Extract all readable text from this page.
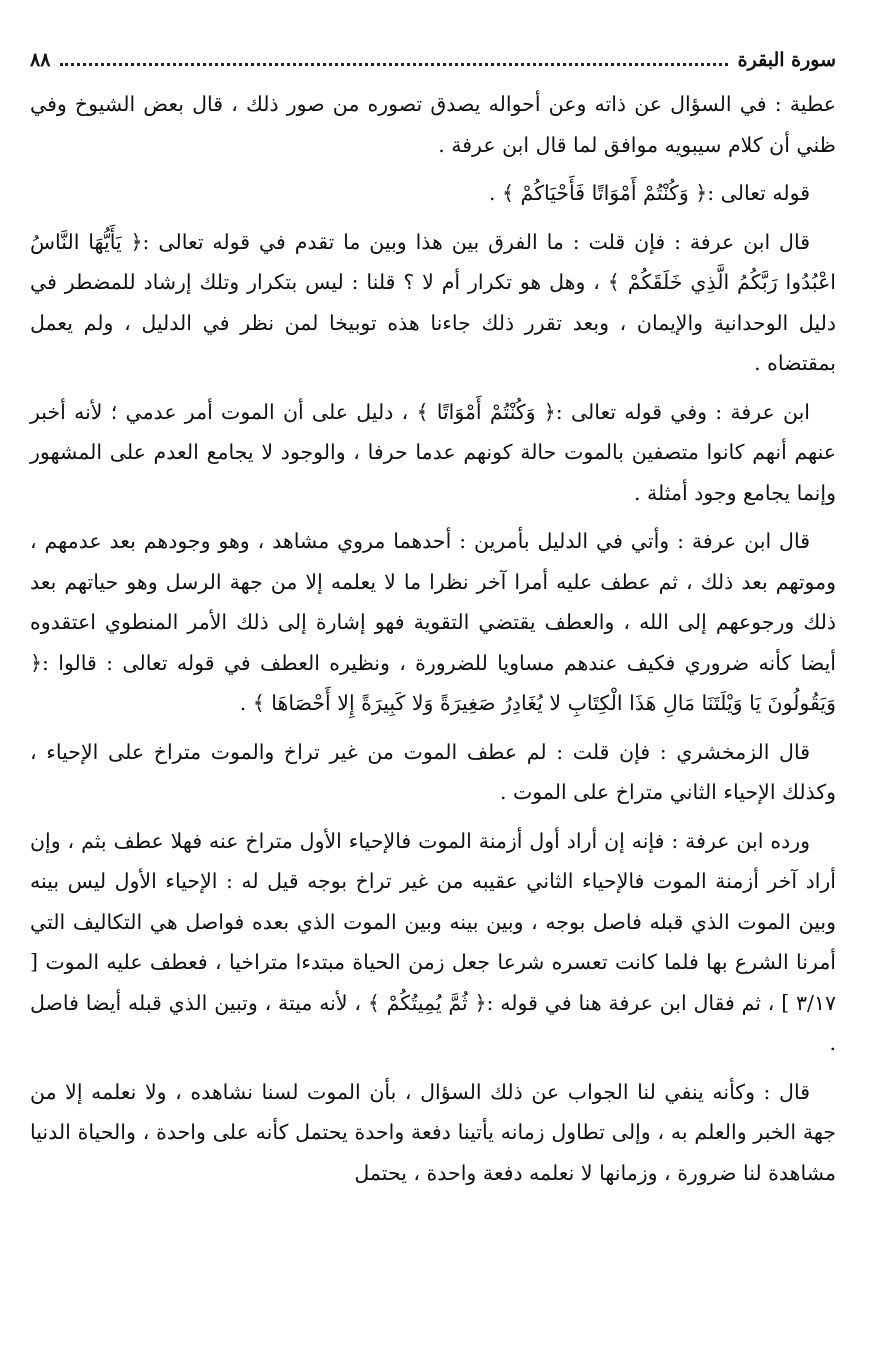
سورة البقرة
٨٨

عطية : في السؤال عن ذاته وعن أحواله يصدق تصوره من صور ذلك ، قال بعض الشيوخ وفي ظني أن كلام سيبويه موافق لما قال ابن عرفة .

قوله تعالى :﴿ وَكُنْتُمْ أَمْوَاتًا فَأَحْيَاكُمْ ﴾ .

قال ابن عرفة : فإن قلت : ما الفرق بين هذا وبين ما تقدم في قوله تعالى :﴿ يَأَيُّهَا النَّاسُ اعْبُدُوا رَبَّكُمُ الَّذِي خَلَقَكُمْ ﴾ ، وهل هو تكرار أم لا ؟ قلنا : ليس بتكرار وتلك إرشاد للمضطر في دليل الوحدانية والإيمان ، وبعد تقرر ذلك جاءنا هذه توبيخا لمن نظر في الدليل ، ولم يعمل بمقتضاه .

ابن عرفة : وفي قوله تعالى :﴿ وَكُنْتُمْ أَمْوَاتًا ﴾ ، دليل على أن الموت أمر عدمي ؛ لأنه أخبر عنهم أنهم كانوا متصفين بالموت حالة كونهم عدما حرفا ، والوجود لا يجامع العدم على المشهور وإنما يجامع وجود أمثلة .

قال ابن عرفة : وأتي في الدليل بأمرين : أحدهما مروي مشاهد ، وهو وجودهم بعد عدمهم ، وموتهم بعد ذلك ، ثم عطف عليه أمرا آخر نظرا ما لا يعلمه إلا من جهة الرسل وهو حياتهم بعد ذلك ورجوعهم إلى الله ، والعطف يقتضي التقوية فهو إشارة إلى ذلك الأمر المنطوي اعتقدوه أيضا كأنه ضروري فكيف عندهم مساويا للضرورة ، ونظيره العطف في قوله تعالى : قالوا :﴿ وَيَقُولُونَ يَا وَيْلَتَنَا مَالِ هَذَا الْكِتَابِ لا يُغَادِرُ صَغِيرَةً وَلا كَبِيرَةً إِلا أَحْصَاهَا ﴾ .

قال الزمخشري : فإن قلت : لم عطف الموت من غير تراخ والموت متراخ على الإحياء ، وكذلك الإحياء الثاني متراخ على الموت .

ورده ابن عرفة : فإنه إن أراد أول أزمنة الموت فالإحياء الأول متراخ عنه فهلا عطف بثم ، وإن أراد آخر أزمنة الموت فالإحياء الثاني عقيبه من غير تراخ بوجه قيل له : الإحياء الأول ليس بينه وبين الموت الذي قبله فاصل بوجه ، وبين بينه وبين الموت الذي بعده فواصل هي التكاليف التي أمرنا الشرع بها فلما كانت تعسره شرعا جعل زمن الحياة مبتدءا متراخيا ، فعطف عليه الموت [ ٣/١٧ ] ، ثم فقال ابن عرفة هنا في قوله :﴿ ثُمَّ يُمِيتُكُمْ ﴾ ، لأنه ميتة ، وتبين الذي قبله أيضا فاصل .

قال : وكأنه ينفي لنا الجواب عن ذلك السؤال ، بأن الموت لسنا نشاهده ، ولا نعلمه إلا من جهة الخبر والعلم به ، وإلى تطاول زمانه يأتينا دفعة واحدة يحتمل كأنه على واحدة ، والحياة الدنيا مشاهدة لنا ضرورة ، وزمانها لا نعلمه دفعة واحدة ، يحتمل
